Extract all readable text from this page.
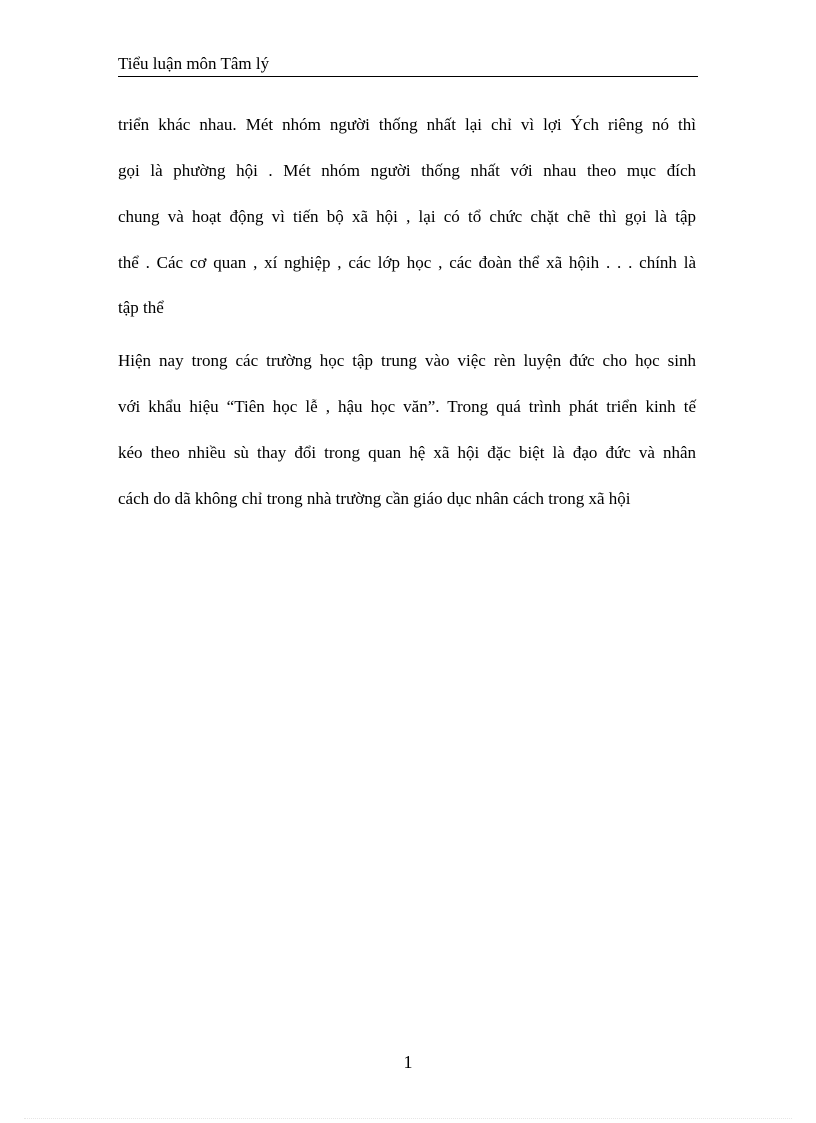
Tiểu luận môn Tâm lý
triển khác nhau. Mét nhóm người thống nhất lại chỉ vì lợi Ých riêng nó thì
gọi là phường hội . Mét nhóm người thống nhất với nhau theo mục đích
chung và hoạt động vì tiến bộ xã hội , lại có tổ chức chặt chẽ thì gọi là tập
thể . Các cơ quan , xí nghiệp , các lớp học , các đoàn thể xã hộih . . . chính là
tập thể
Hiện nay trong các trường học tập trung vào việc rèn luyện đức cho học sinh
với khẩu hiệu “Tiên học lễ , hậu học văn”. Trong quá trình phát triển kinh tế
kéo theo nhiều sù thay đổi trong quan hệ xã hội đặc biệt là đạo đức và nhân
cách do dã không chỉ trong nhà trường cần giáo dục nhân cách trong xã hội
1
